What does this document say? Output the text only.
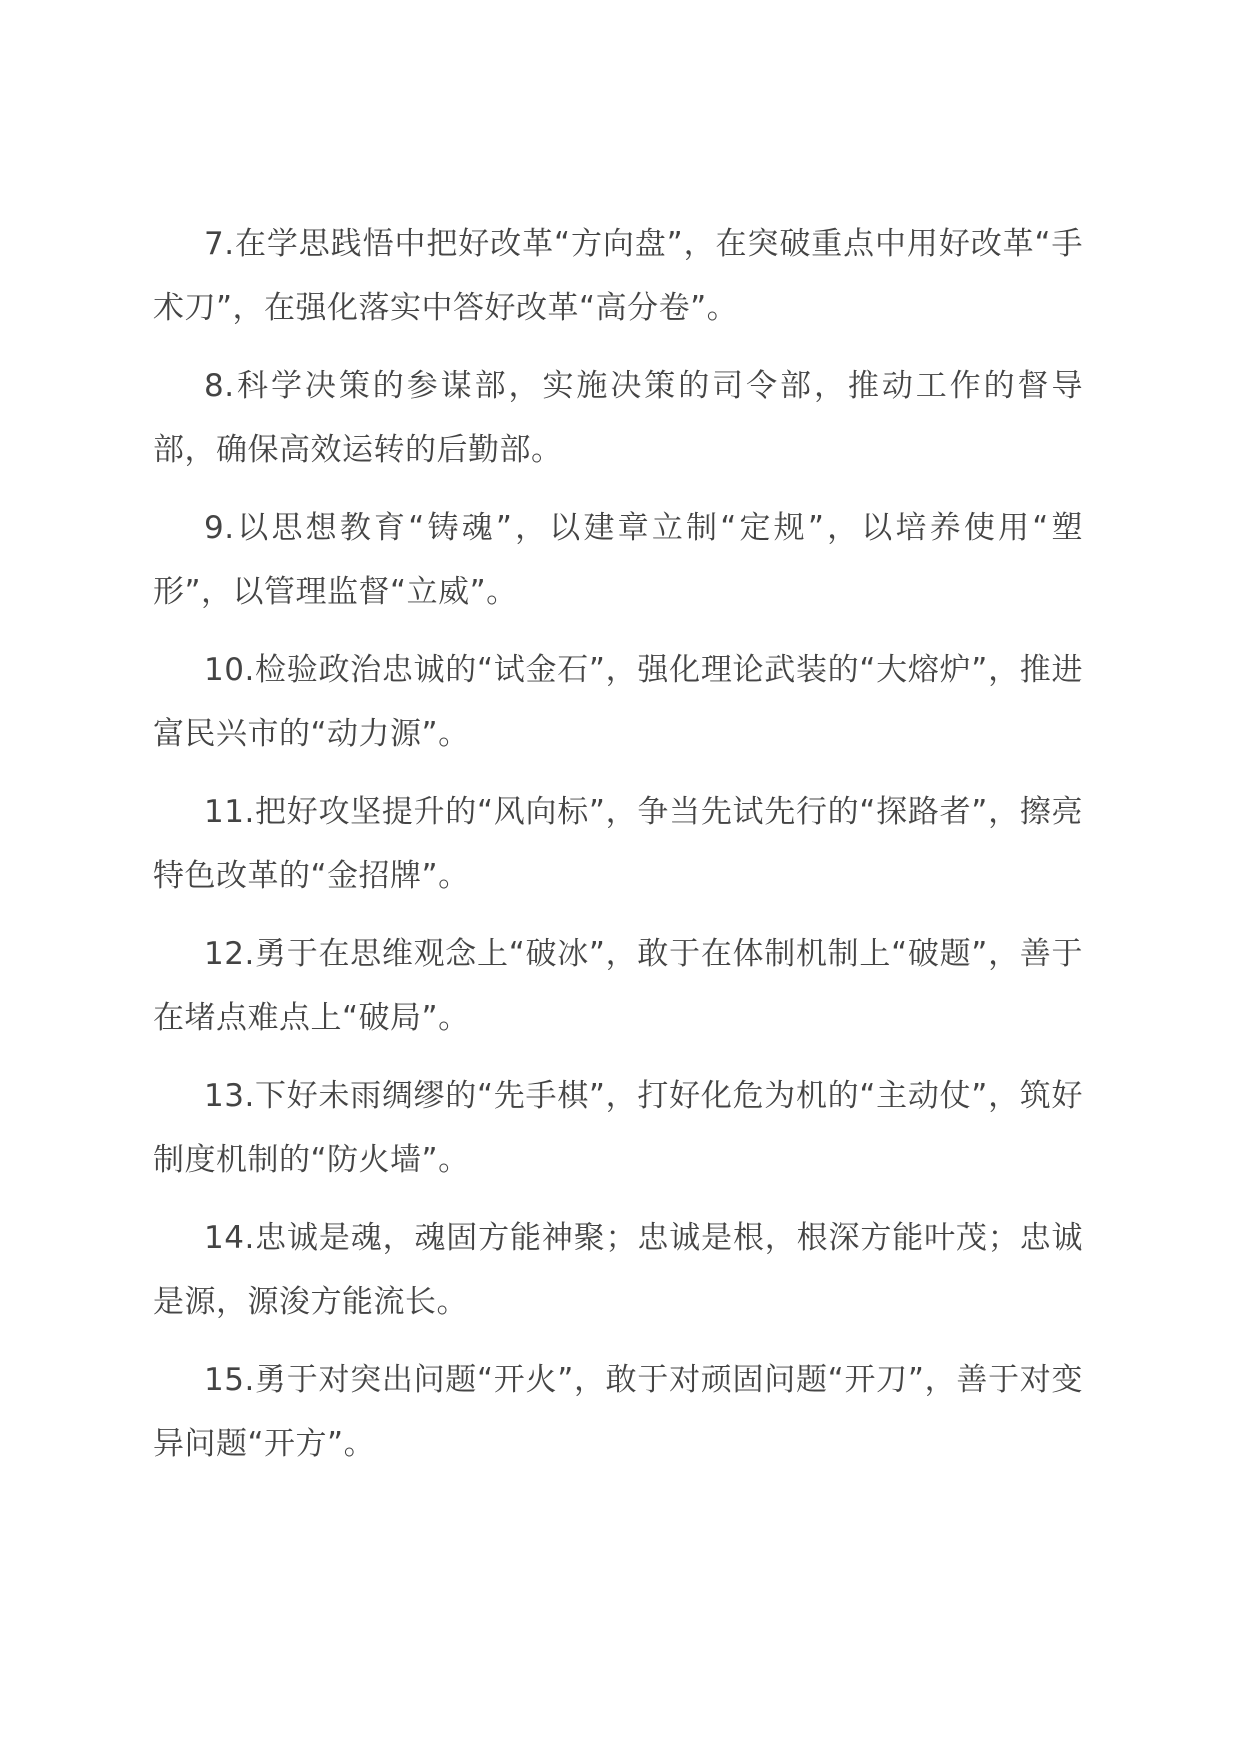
7.在学思践悟中把好改革“方向盘”，在突破重点中用好改革“手术刀”，在强化落实中答好改革“高分卷”。

8.科学决策的参谋部，实施决策的司令部，推动工作的督导部，确保高效运转的后勤部。

9.以思想教育“铸魂”，以建章立制“定规”，以培养使用“塑形”，以管理监督“立威”。

10.检验政治忠诚的“试金石”，强化理论武装的“大熔炉”，推进富民兴市的“动力源”。

11.把好攻坚提升的“风向标”，争当先试先行的“探路者”，擦亮特色改革的“金招牌”。

12.勇于在思维观念上“破冰”，敢于在体制机制上“破题”，善于在堵点难点上“破局”。

13.下好未雨绸缪的“先手棋”，打好化危为机的“主动仗”，筑好制度机制的“防火墙”。

14.忠诚是魂，魂固方能神聚；忠诚是根，根深方能叶茂；忠诚是源，源浚方能流长。

15.勇于对突出问题“开火”，敢于对顽固问题“开刀”，善于对变异问题“开方”。
